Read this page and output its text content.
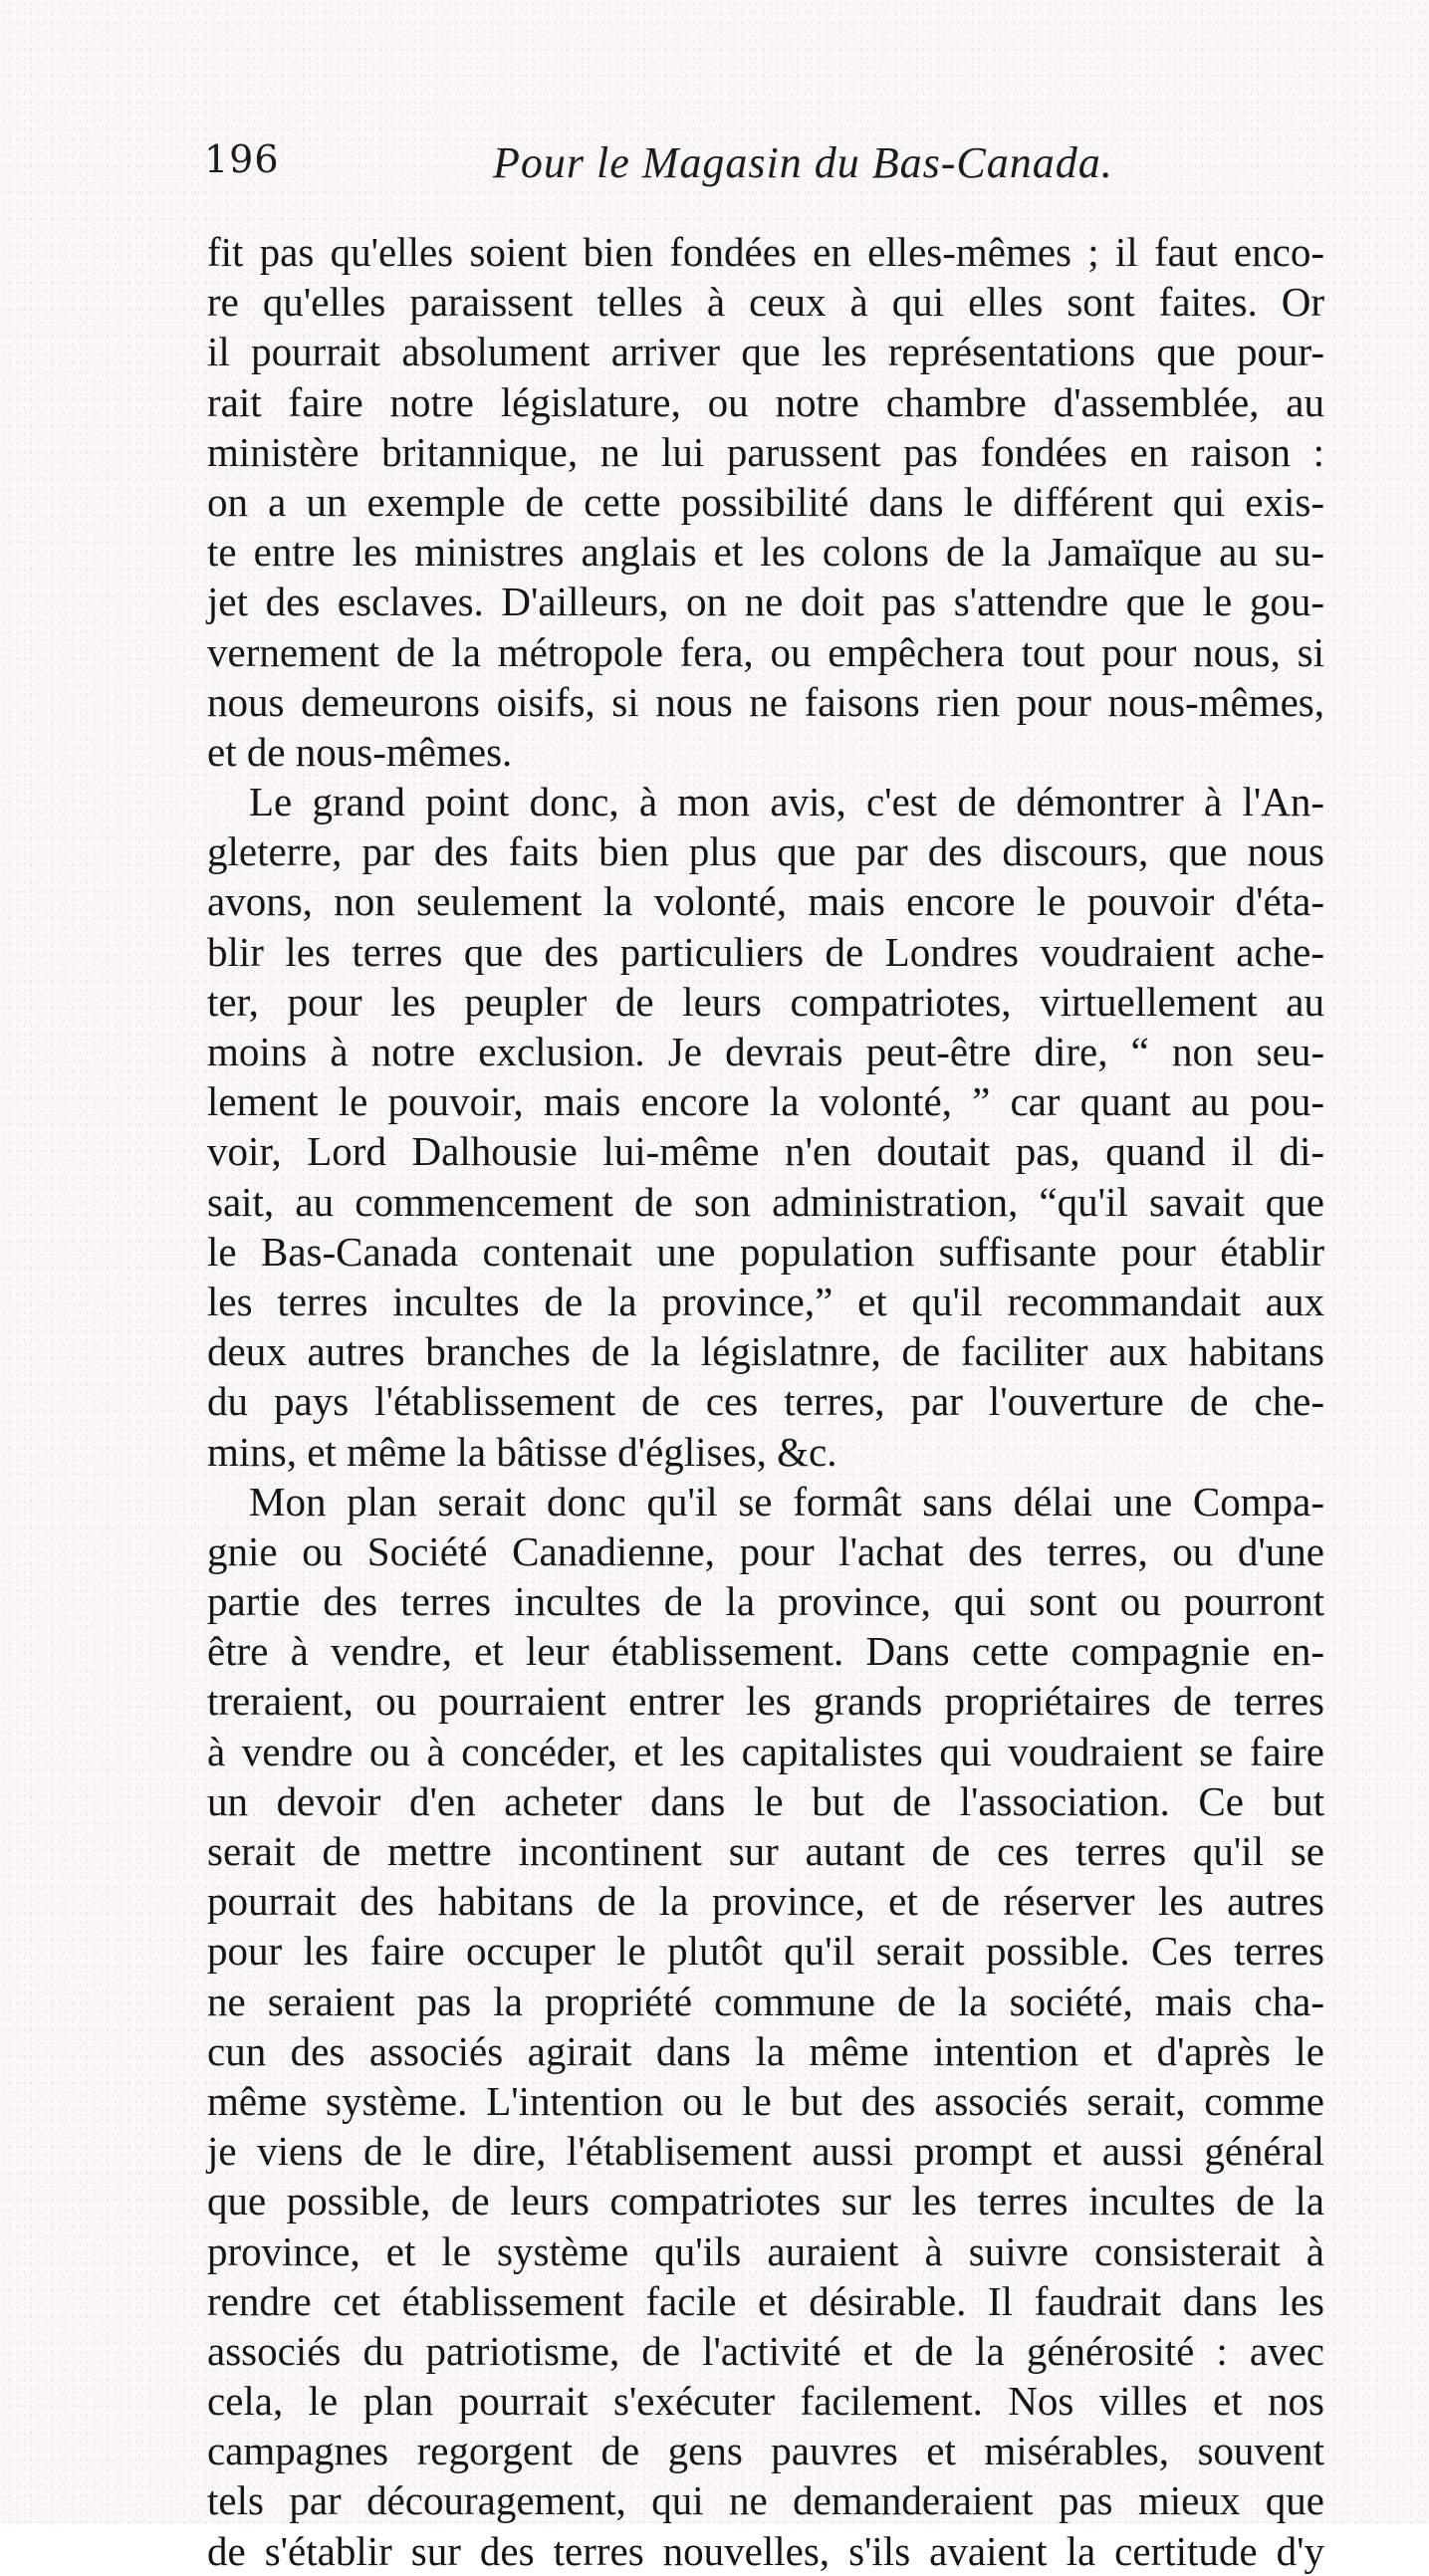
196	Pour le Magasin du Bas-Canada.
fit pas qu'elles soient bien fondées en elles-mêmes ; il faut enco-
re qu'elles paraissent telles à ceux à qui elles sont faites. Or
il pourrait absolument arriver que les représentations que pour-
rait faire notre législature, ou notre chambre d'assemblée, au
ministère britannique, ne lui parussent pas fondées en raison :
on a un exemple de cette possibilité dans le différent qui exis-
te entre les ministres anglais et les colons de la Jamaïque au su-
jet des esclaves. D'ailleurs, on ne doit pas s'attendre que le gou-
vernement de la métropole fera, ou empêchera tout pour nous, si
nous demeurons oisifs, si nous ne faisons rien pour nous-mêmes,
et de nous-mêmes.
Le grand point donc, à mon avis, c'est de démontrer à l'An-
gleterre, par des faits bien plus que par des discours, que nous
avons, non seulement la volonté, mais encore le pouvoir d'éta-
blir les terres que des particuliers de Londres voudraient ache-
ter, pour les peupler de leurs compatriotes, virtuellement au
moins à notre exclusion. Je devrais peut-être dire, “ non seu-
lement le pouvoir, mais encore la volonté, ” car quant au pou-
voir, Lord Dalhousie lui-même n'en doutait pas, quand il di-
sait, au commencement de son administration, “qu'il savait que
le Bas-Canada contenait une population suffisante pour établir
les terres incultes de la province,” et qu'il recommandait aux
deux autres branches de la législatnre, de faciliter aux habitans
du pays l'établissement de ces terres, par l'ouverture de che-
mins, et même la bâtisse d'églises, &c.
Mon plan serait donc qu'il se formât sans délai une Compa-
gnie ou Société Canadienne, pour l'achat des terres, ou d'une
partie des terres incultes de la province, qui sont ou pourront
être à vendre, et leur établissement. Dans cette compagnie en-
treraient, ou pourraient entrer les grands propriétaires de terres
à vendre ou à concéder, et les capitalistes qui voudraient se faire
un devoir d'en acheter dans le but de l'association. Ce but
serait de mettre incontinent sur autant de ces terres qu'il se
pourrait des habitans de la province, et de réserver les autres
pour les faire occuper le plutôt qu'il serait possible. Ces terres
ne seraient pas la propriété commune de la société, mais cha-
cun des associés agirait dans la même intention et d'après le
même système. L'intention ou le but des associés serait, comme
je viens de le dire, l'établisement aussi prompt et aussi général
que possible, de leurs compatriotes sur les terres incultes de la
province, et le système qu'ils auraient à suivre consisterait à
rendre cet établissement facile et désirable. Il faudrait dans les
associés du patriotisme, de l'activité et de la générosité : avec
cela, le plan pourrait s'exécuter facilement. Nos villes et nos
campagnes regorgent de gens pauvres et misérables, souvent
tels par découragement, qui ne demanderaient pas mieux que
de s'établir sur des terres nouvelles, s'ils avaient la certitude d'y
